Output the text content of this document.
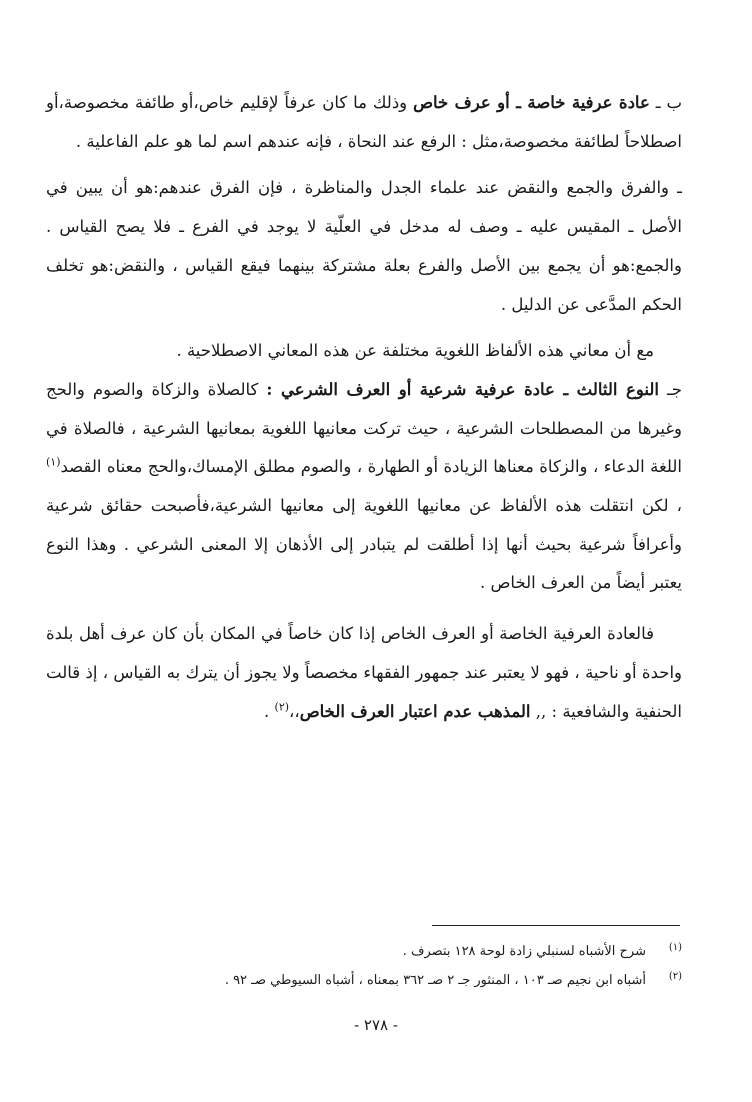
ب ـ عادة عرفية خاصة ـ أو عرف خاص وذلك ما كان عرفاً لإقليم خاص،أو طائفة مخصوصة،أو اصطلاحاً لطائفة مخصوصة،مثل : الرفع عند النحاة ، فإنه عندهم اسم لما هو علم الفاعلية .

ـ والفرق والجمع والنقض عند علماء الجدل والمناظرة ، فإن الفرق عندهم:هو أن يبين في الأصل ـ المقيس عليه ـ وصف له مدخل في العلّية لا يوجد في الفرع ـ فلا يصح القياس . والجمع:هو أن يجمع بين الأصل والفرع بعلة مشتركة بينهما فيقع القياس ، والنقض:هو تخلف الحكم المدَّعى عن الدليل .

مع أن معاني هذه الألفاظ اللغوية مختلفة عن هذه المعاني الاصطلاحية .

جـ النوع الثالث ـ عادة عرفية شرعية أو العرف الشرعي : كالصلاة والزكاة والصوم والحج وغيرها من المصطلحات الشرعية ، حيث تركت معانيها اللغوية بمعانيها الشرعية ، فالصلاة في اللغة الدعاء ، والزكاة معناها الزيادة أو الطهارة ، والصوم مطلق الإمساك،والحج معناه القصد$^{(١)}$ ، لكن انتقلت هذه الألفاظ عن معانيها اللغوية إلى معانيها الشرعية،فأصبحت حقائق شرعية وأعرافاً شرعية بحيث أنها إذا أطلقت لم يتبادر إلى الأذهان إلا المعنى الشرعي . وهذا النوع يعتبر أيضاً من العرف الخاص .

فالعادة العرفية الخاصة أو العرف الخاص إذا كان خاصاً في المكان بأن كان عرف أهل بلدة واحدة أو ناحية ، فهو لا يعتبر عند جمهور الفقهاء مخصصاً ولا يجوز أن يترك به القياس ، إذ قالت الحنفية والشافعية : ,, المذهب عدم اعتبار العرف الخاص،،$^{(٢)}$ .

(١)
شرح الأشباه لسنبلي زادة لوحة ١٢٨ بتصرف .
(٢)
أشباه ابن نجيم صـ ١٠٣ ، المنثور جـ ٢ صـ ٣٦٢ بمعناه ، أشباه السيوطي صـ ٩٢ .
- ٢٧٨ -
